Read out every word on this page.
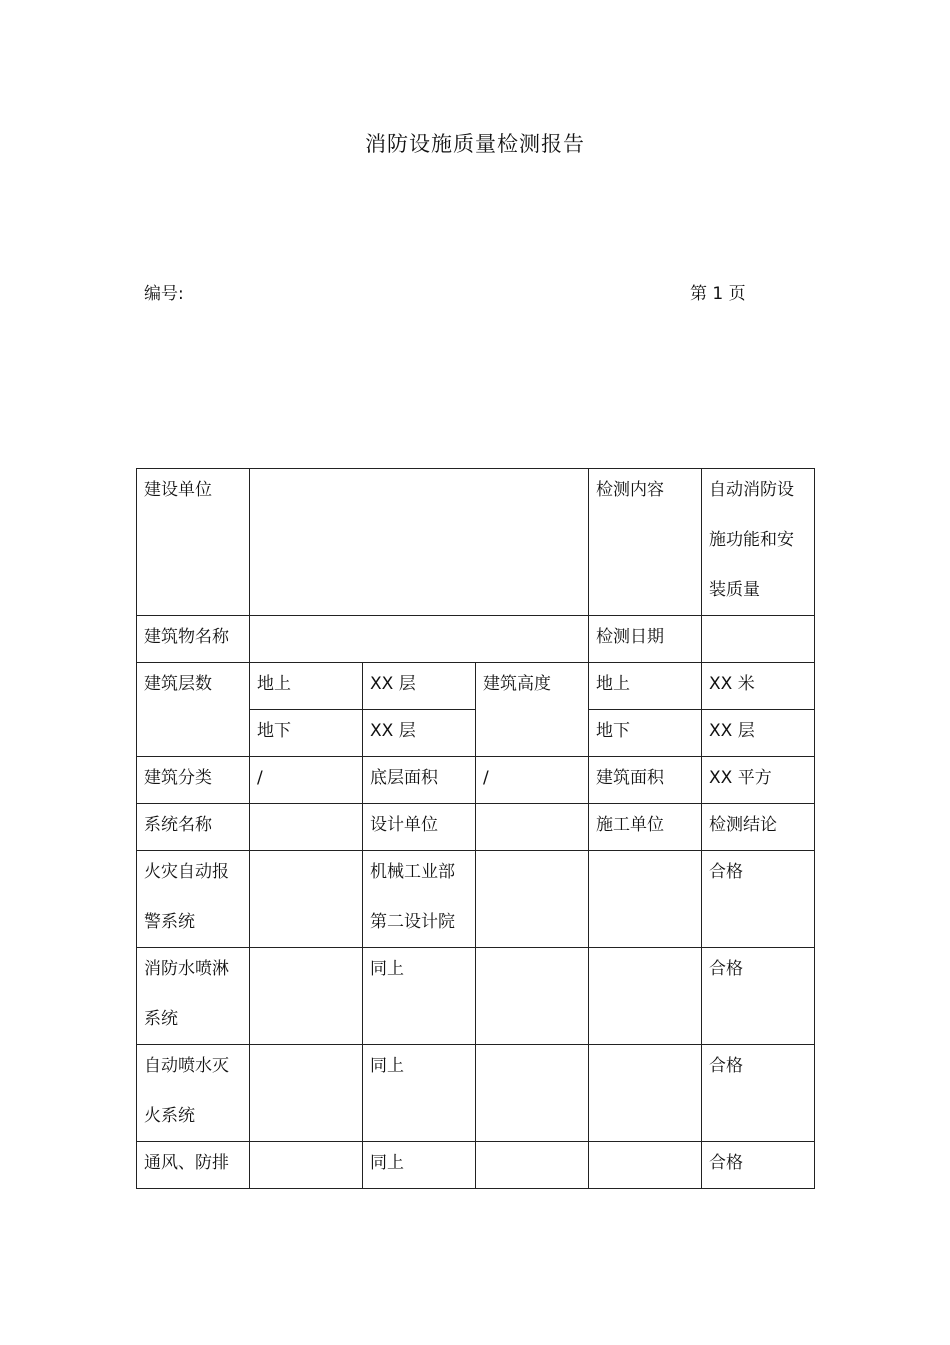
消防设施质量检测报告
编号:	第 1 页
建设单位				检测内容	自动消防设
施功能和安
装质量

建筑物名称				检测日期	

建筑层数	地上	XX 层	建筑高度	地上	XX 米

	地下	XX 层		地下	XX 层

建筑分类	/	底层面积	/	建筑面积	XX 平方

系统名称		设计单位		施工单位	检测结论

火灾自动报
警系统		机械工业部
第二设计院			合格

消防水喷淋
系统		同上			合格

自动喷水灭
火系统		同上			合格

通风、防排		同上			合格
